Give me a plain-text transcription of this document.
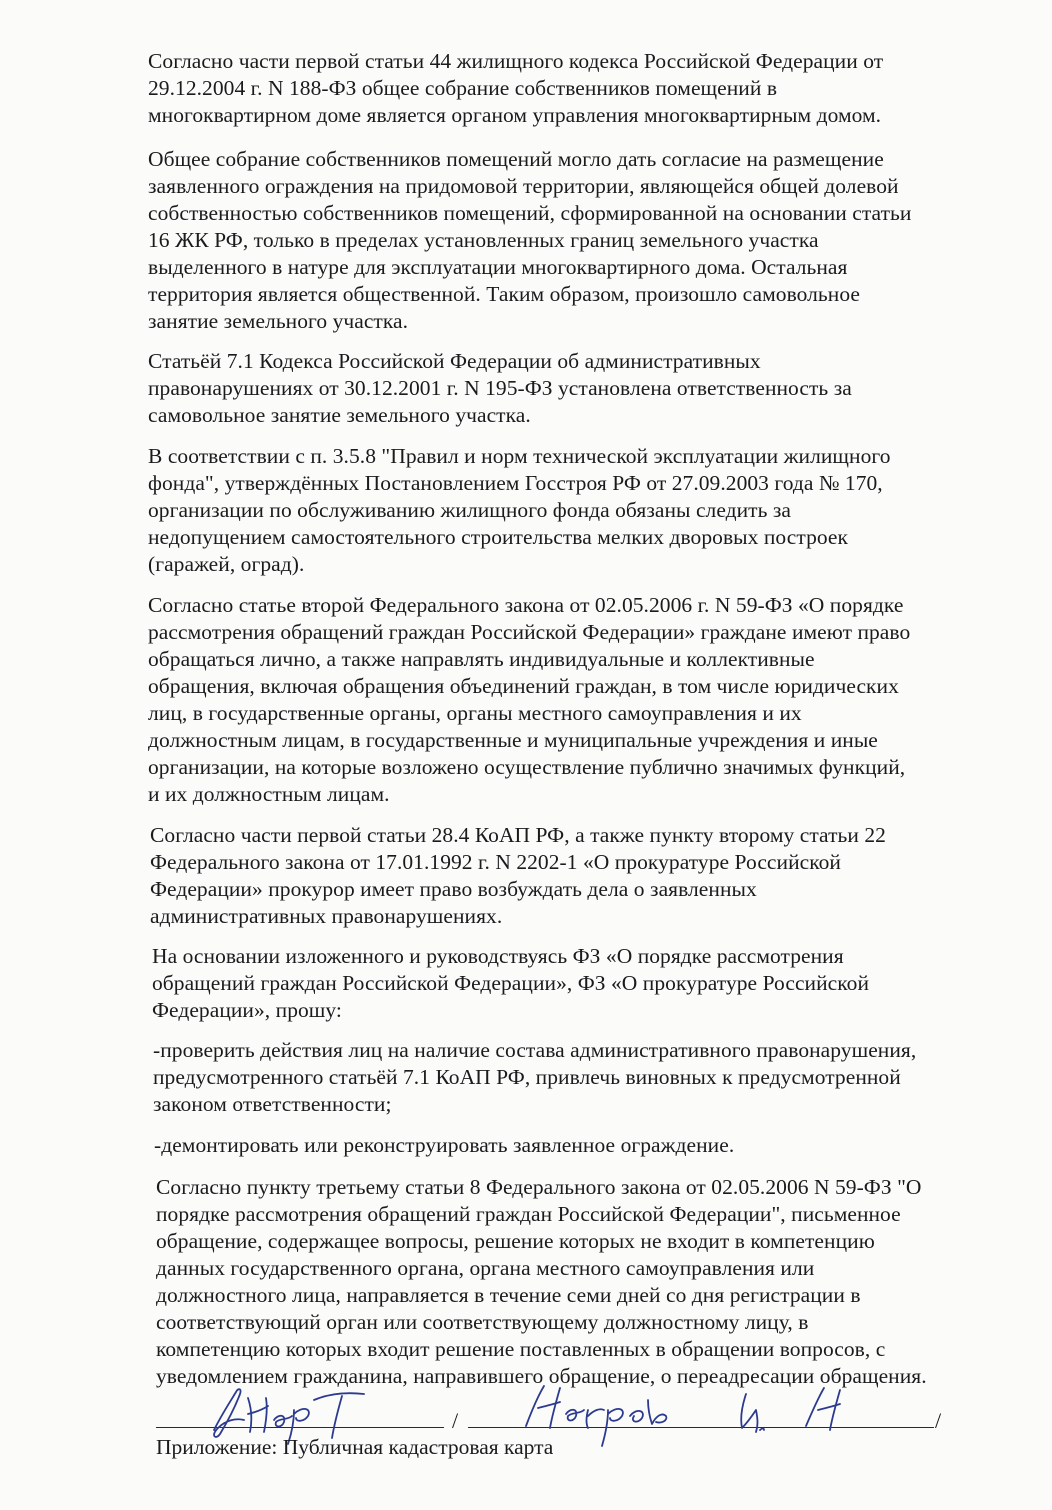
Согласно части первой статьи 44 жилищного кодекса Российской Федерации от
29.12.2004 г. N 188-ФЗ общее собрание собственников помещений в
многоквартирном доме является органом управления многоквартирным домом.

Общее собрание собственников помещений могло дать согласие на размещение
заявленного ограждения на придомовой территории, являющейся общей долевой
собственностью собственников помещений, сформированной на основании статьи
16 ЖК РФ, только в пределах установленных границ земельного участка
выделенного в натуре для эксплуатации многоквартирного дома. Остальная
территория является общественной. Таким образом, произошло самовольное
занятие земельного участка.

Статьёй 7.1 Кодекса Российской Федерации об административных
правонарушениях от 30.12.2001 г. N 195-ФЗ установлена ответственность за
самовольное занятие земельного участка.

В соответствии с п. 3.5.8 "Правил и норм технической эксплуатации жилищного
фонда", утверждённых Постановлением Госстроя РФ от 27.09.2003 года № 170,
организации по обслуживанию жилищного фонда обязаны следить за
недопущением самостоятельного строительства мелких дворовых построек
(гаражей, оград).

Согласно статье второй Федерального закона от 02.05.2006 г. N 59-ФЗ «О порядке
рассмотрения обращений граждан Российской Федерации» граждане имеют право
обращаться лично, а также направлять индивидуальные и коллективные
обращения, включая обращения объединений граждан, в том числе юридических
лиц, в государственные органы, органы местного самоуправления и их
должностным лицам, в государственные и муниципальные учреждения и иные
организации, на которые возложено осуществление публично значимых функций,
и их должностным лицам.

Согласно части первой статьи 28.4 КоАП РФ, а также пункту второму статьи 22
Федерального закона от 17.01.1992 г. N 2202-1 «О прокуратуре Российской
Федерации» прокурор имеет право возбуждать дела о заявленных
административных правонарушениях.

На основании изложенного и руководствуясь ФЗ «О порядке рассмотрения
обращений граждан Российской Федерации», ФЗ «О прокуратуре Российской
Федерации», прошу:

-проверить действия лиц на наличие состава административного правонарушения,
предусмотренного статьёй 7.1 КоАП РФ, привлечь виновных к предусмотренной
законом ответственности;

-демонтировать или реконструировать заявленное ограждение.

Согласно пункту третьему статьи 8 Федерального закона от 02.05.2006 N 59-ФЗ "О
порядке рассмотрения обращений граждан Российской Федерации", письменное
обращение, содержащее вопросы, решение которых не входит в компетенцию
данных государственного органа, органа местного самоуправления или
должностного лица, направляется в течение семи дней со дня регистрации в
соответствующий орган или соответствующему должностному лицу, в
компетенцию которых входит решение поставленных в обращении вопросов, с
уведомлением гражданина, направившего обращение, о переадресации обращения.

/	/
Приложение: Публичная кадастровая карта
